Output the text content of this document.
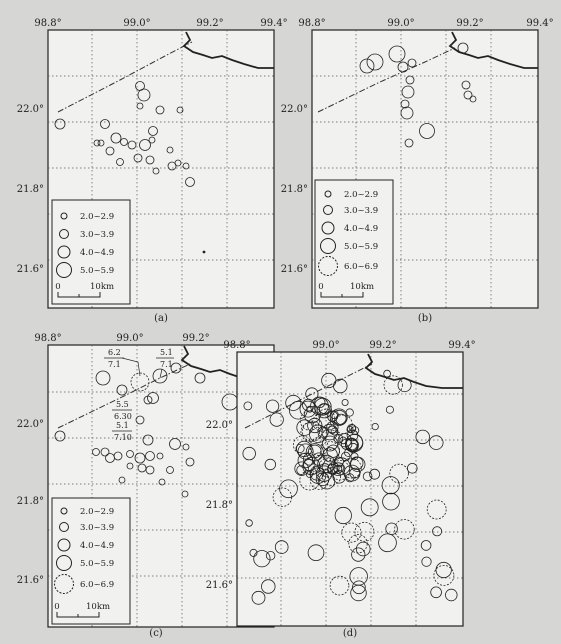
98.8°	99.0°	99.2°	99.4°
22.0°
21.8°
21.6°
2.0~2.9
3.0~3.9
4.0~4.9
5.0~5.9
0	10km
(a)
98.8°	99.0°	99.2°	99.4°
22.0°
21.8°
21.6°
2.0~2.9
3.0~3.9
4.0~4.9
5.0~5.9
6.0~6.9
0	10km
(b)
98.8°	99.0°	99.2°
22.0°
21.8°
21.6°
6.2
7.1
5.1
7.1
5.5
6.30
5.1
7.10
2.0~2.9
3.0~3.9
4.0~4.9
5.0~5.9
6.0~6.9
0	10km
(c)
98.8°	99.0°	99.2°	99.4°
22.0°
21.8°
21.6°
(d)
